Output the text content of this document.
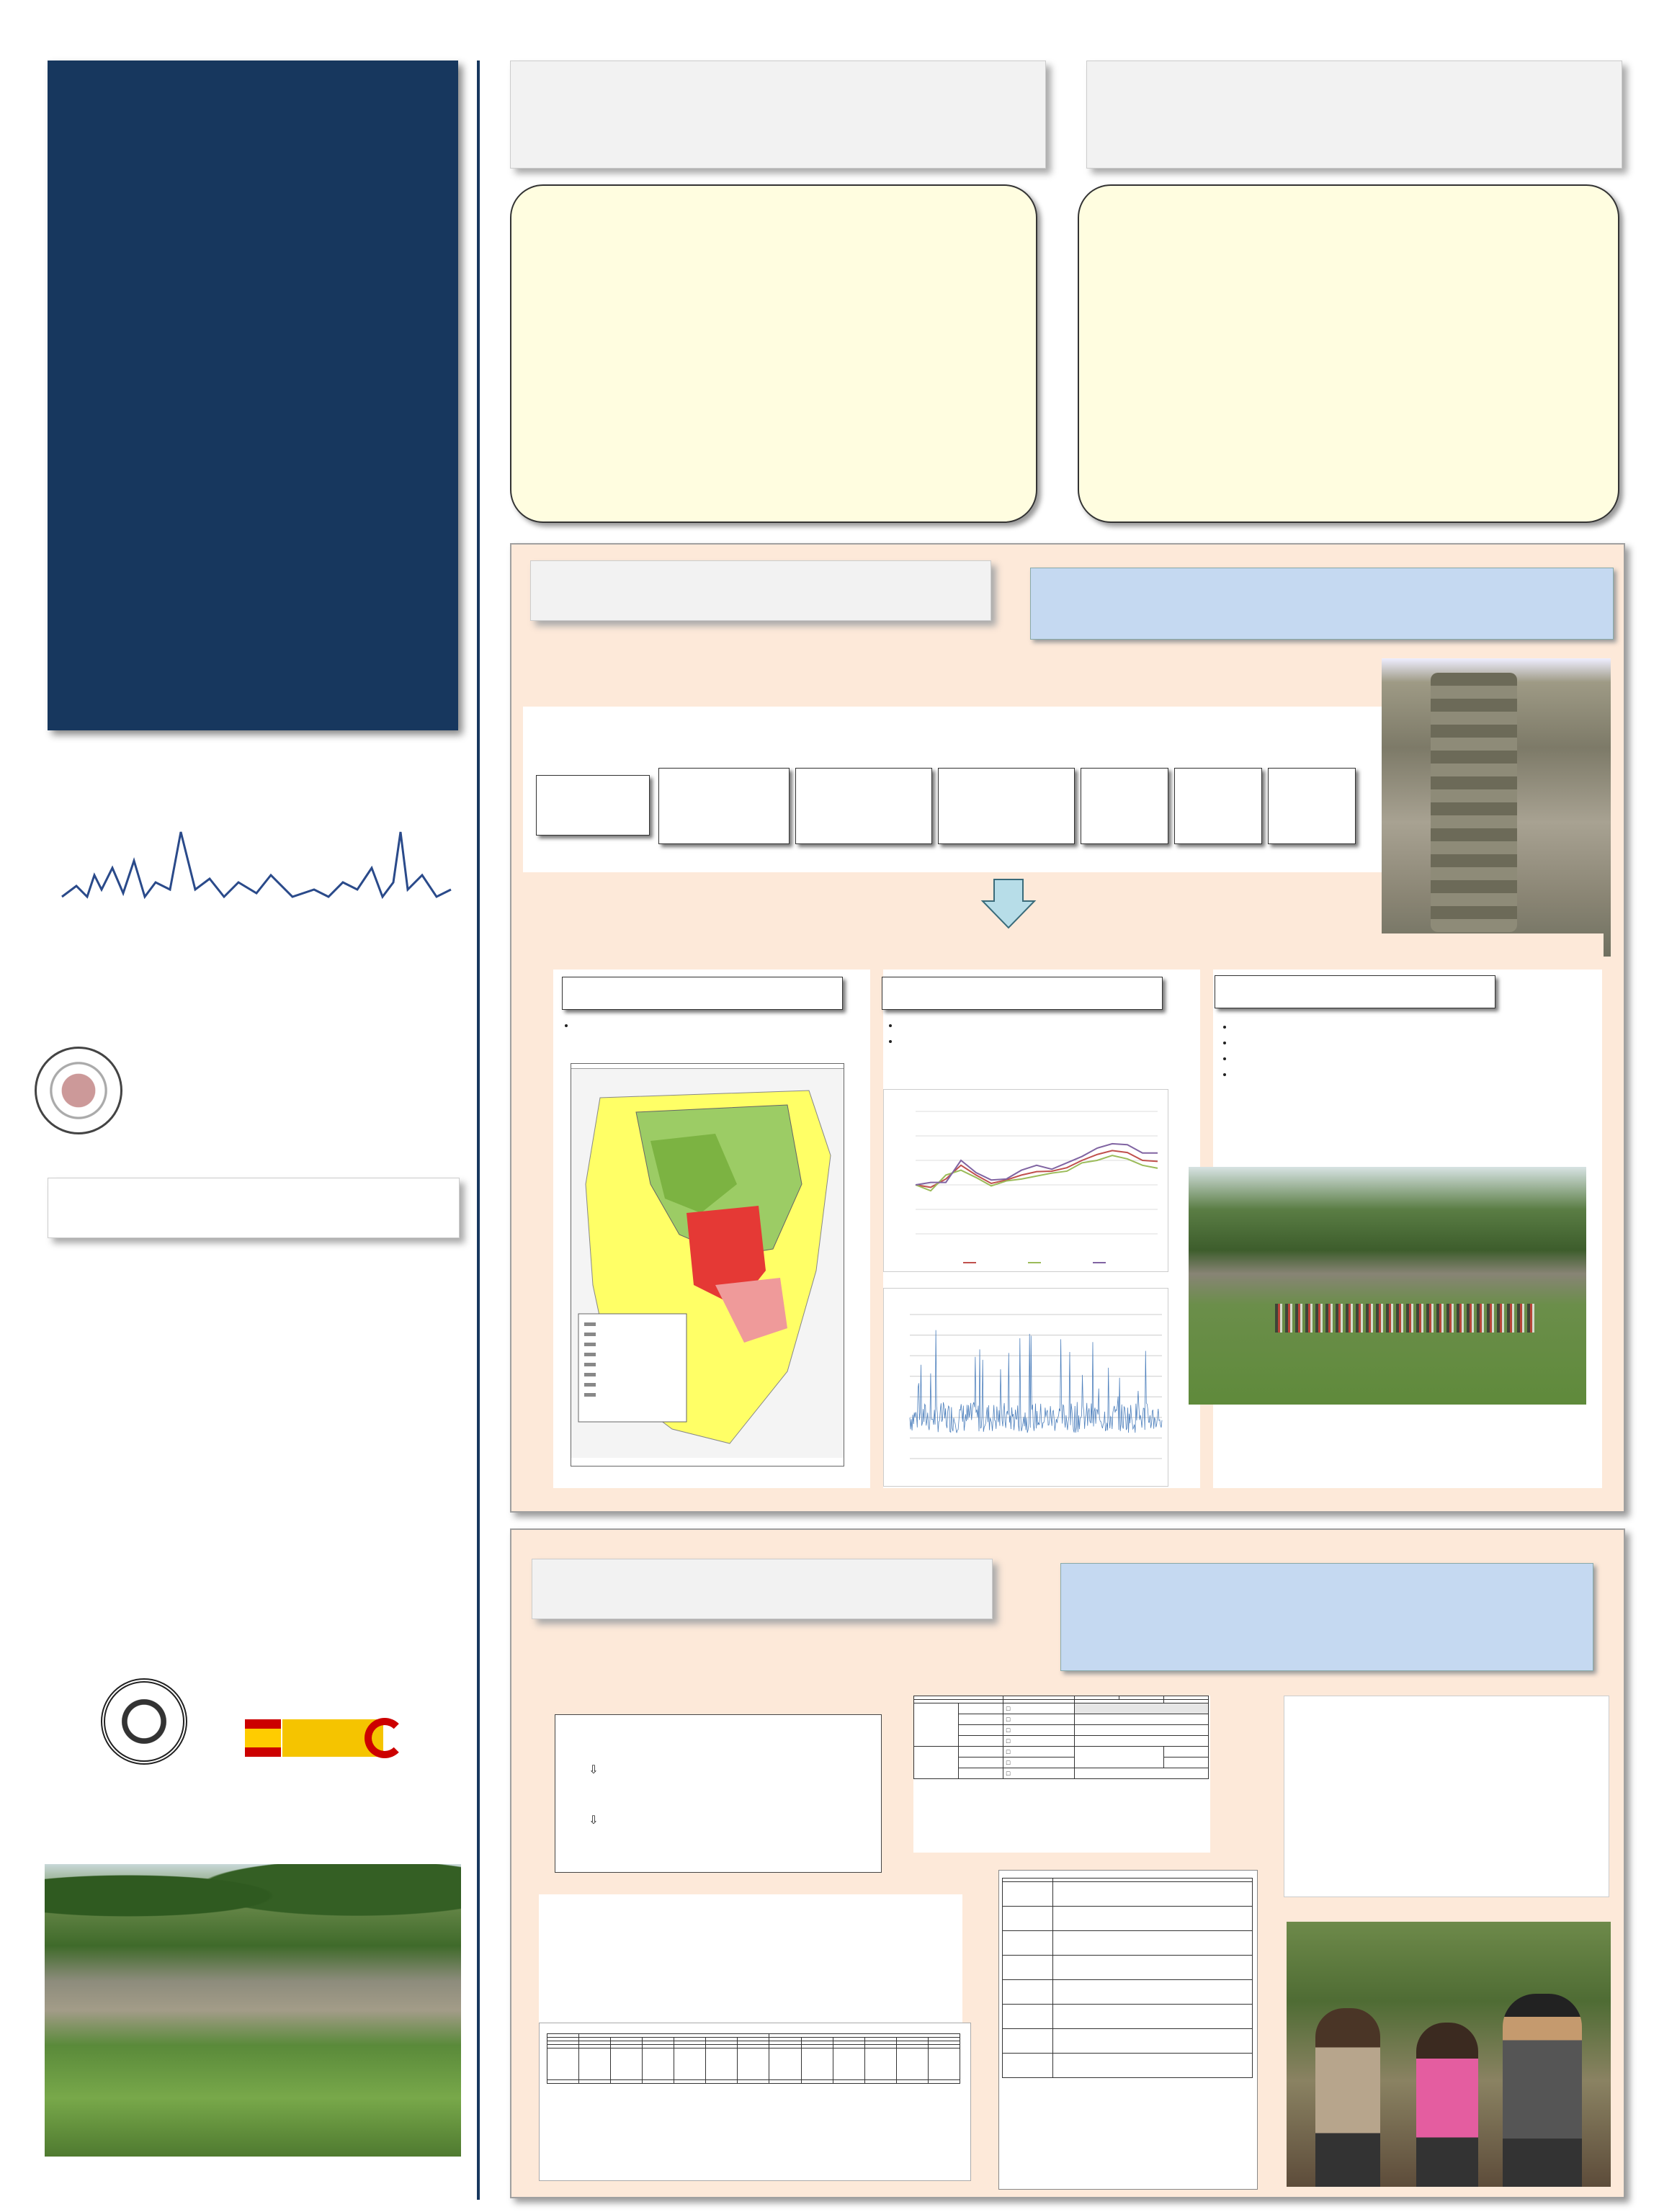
•
•
•
•
•
•
•
⇩
⇩

		□			
		□			
		□			
		□			
		□			
		□			
		□			
